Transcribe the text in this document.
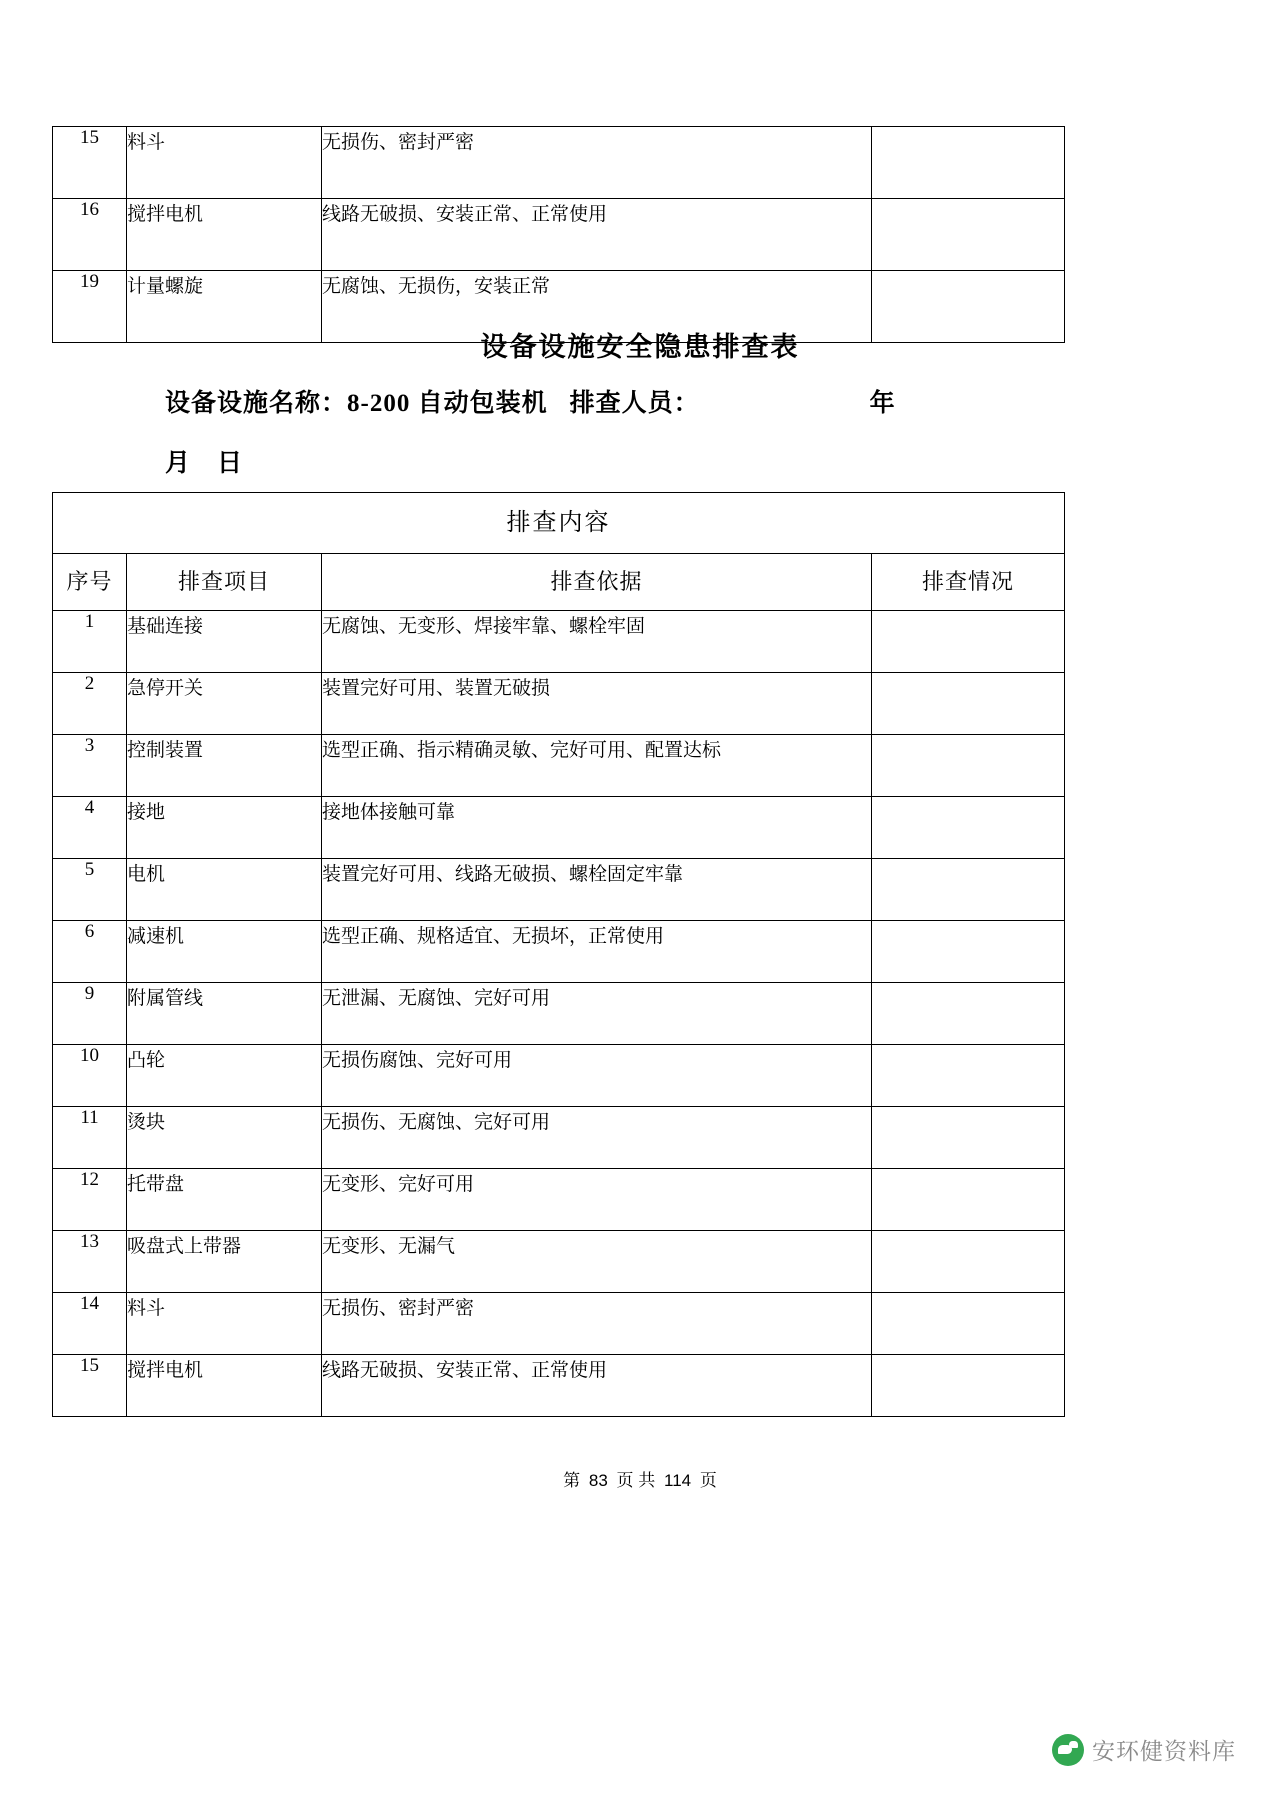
15	料斗	无损伤、密封严密	
16	搅拌电机	线路无破损、安装正常、正常使用	
19	计量螺旋	无腐蚀、无损伤，安装正常	
设备设施安全隐患排查表
设备设施名称：8-200 自动包装机 排查人员：	年
月 日
排查内容			
序号	排查项目	排查依据	排查情况
1	基础连接	无腐蚀、无变形、焊接牢靠、螺栓牢固	
2	急停开关	装置完好可用、装置无破损	
3	控制装置	选型正确、指示精确灵敏、完好可用、配置达标	
4	接地	接地体接触可靠	
5	电机	装置完好可用、线路无破损、螺栓固定牢靠	
6	减速机	选型正确、规格适宜、无损坏，正常使用	
9	附属管线	无泄漏、无腐蚀、完好可用	
10	凸轮	无损伤腐蚀、完好可用	
11	烫块	无损伤、无腐蚀、完好可用	
12	托带盘	无变形、完好可用	
13	吸盘式上带器	无变形、无漏气	
14	料斗	无损伤、密封严密	
15	搅拌电机	线路无破损、安装正常、正常使用	
第 83 页 共 114 页
安环健资料库
